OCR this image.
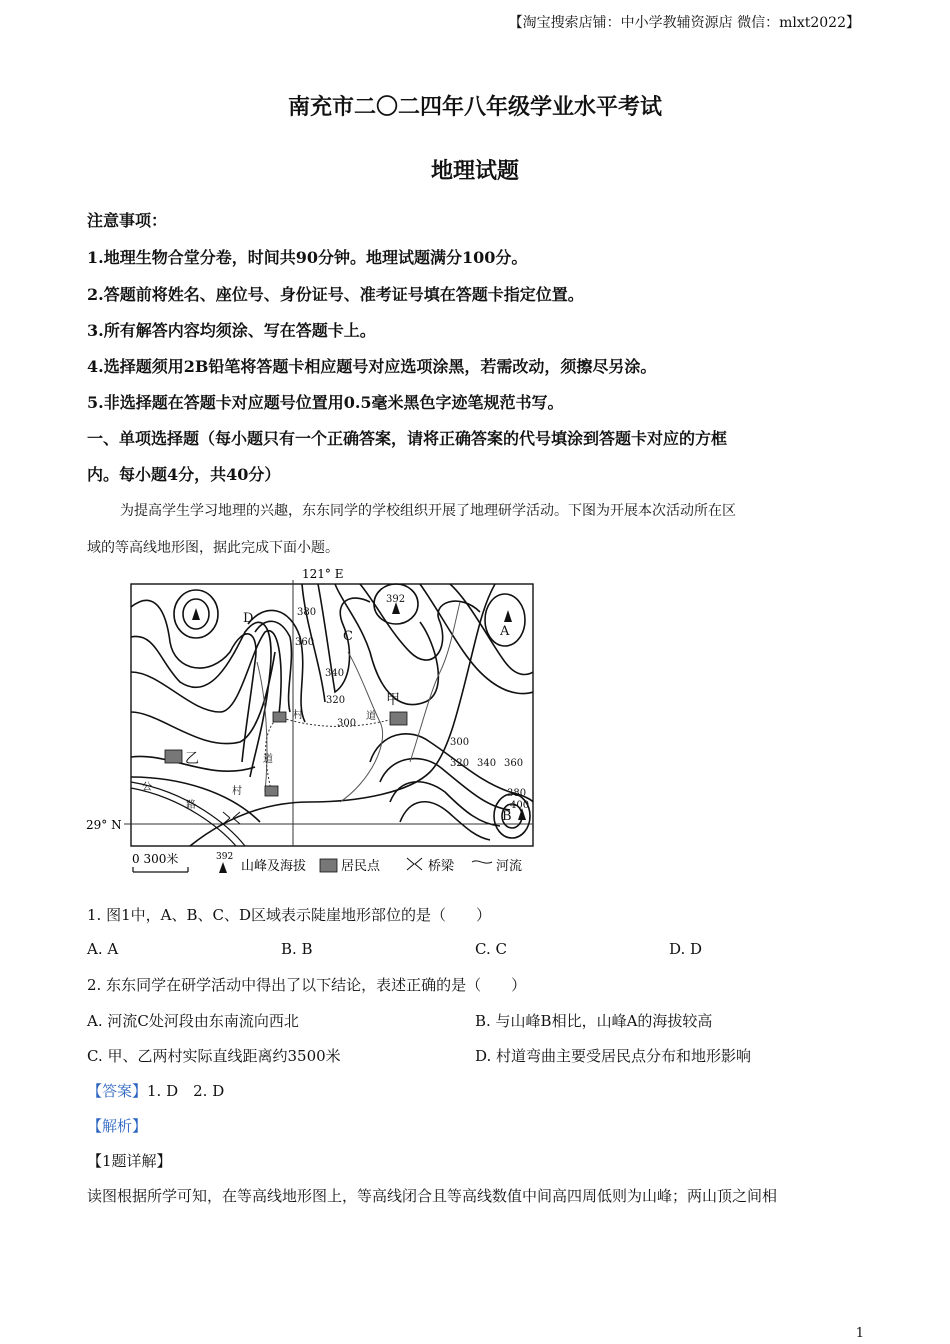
【淘宝搜索店铺：中小学教辅资源店 微信：mlxt2022】
南充市二〇二四年八年级学业水平考试
地理试题
注意事项：
1.地理生物合堂分卷，时间共90分钟。地理试题满分100分。
2.答题前将姓名、座位号、身份证号、准考证号填在答题卡指定位置。
3.所有解答内容均须涂、写在答题卡上。
4.选择题须用2B铅笔将答题卡相应题号对应选项涂黑，若需改动，须擦尽另涂。
5.非选择题在答题卡对应题号位置用0.5毫米黑色字迹笔规范书写。
一、单项选择题（每小题只有一个正确答案，请将正确答案的代号填涂到答题卡对应的方框
内。每小题4分，共40分）
为提高学生学习地理的兴趣，东东同学的学校组织开展了地理研学活动。下图为开展本次活动所在区
域的等高线地形图，据此完成下面小题。
121° E
29° N
380
360
340
320
300
392
300
320 340 360
380
400
D
C	A
B
甲
乙
村	道
道
村
公
路
0 300米	392
山峰及海拔	居民点	桥梁	河流
1. 图1中，A、B、C、D区域表示陡崖地形部位的是（　　）
A. A	B. B	C. C	D. D
2. 东东同学在研学活动中得出了以下结论，表述正确的是（　　）
A. 河流C处河段由东南流向西北	B. 与山峰B相比，山峰A的海拔较高
C. 甲、乙两村实际直线距离约3500米	D. 村道弯曲主要受居民点分布和地形影响
【答案】1. D　2. D
【解析】
【1题详解】
读图根据所学可知，在等高线地形图上，等高线闭合且等高线数值中间高四周低则为山峰；两山顶之间相
1
